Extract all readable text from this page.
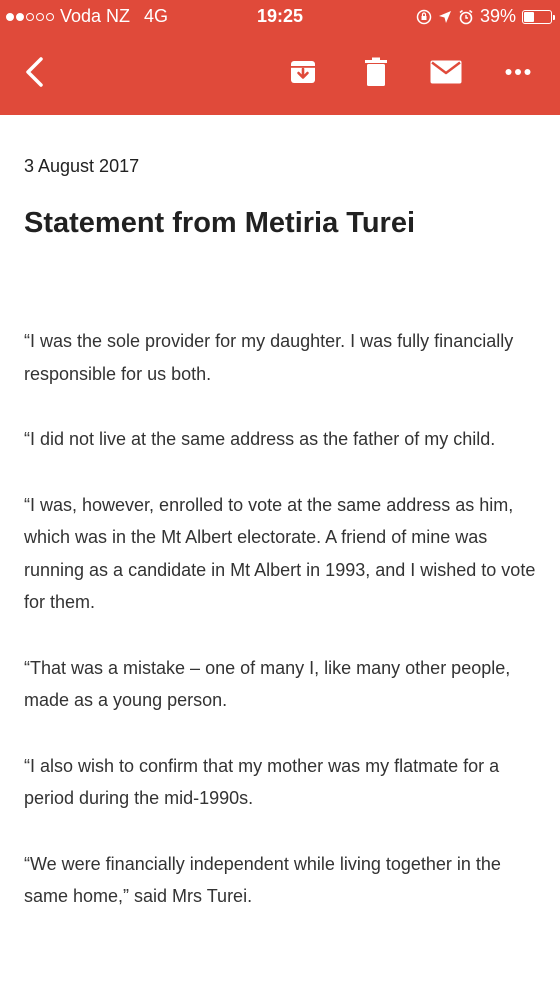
Voda NZ 4G	19:25	39%
3 August 2017
Statement from Metiria Turei

“I was the sole provider for my daughter. I was fully financially responsible for us both.

“I did not live at the same address as the father of my child.

“I was, however, enrolled to vote at the same address as him, which was in the Mt Albert electorate. A friend of mine was running as a candidate in Mt Albert in 1993, and I wished to vote for them.

“That was a mistake – one of many I, like many other people, made as a young person.

“I also wish to confirm that my mother was my flatmate for a period during the mid-1990s.

“We were financially independent while living together in the same home,” said Mrs Turei.
